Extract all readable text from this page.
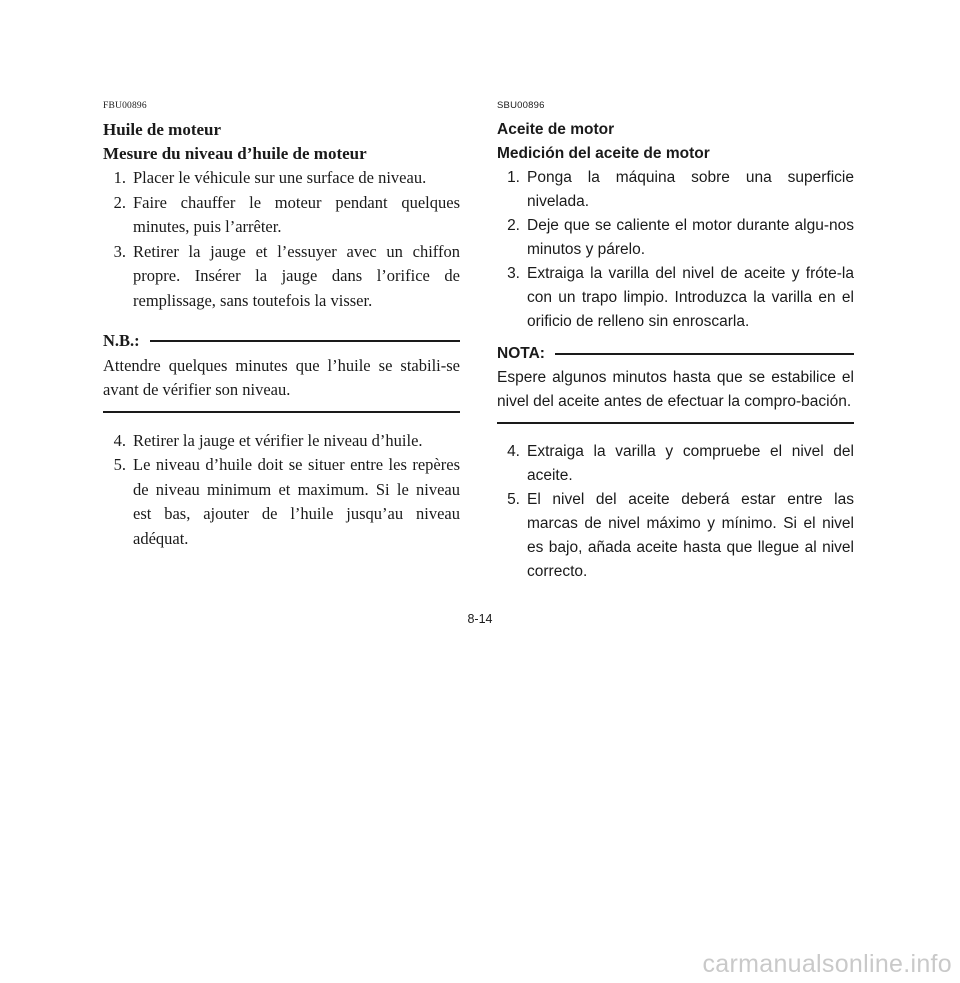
FBU00896
Huile de moteur
Mesure du niveau d’huile de moteur
1. Placer le véhicule sur une surface de niveau.
2. Faire chauffer le moteur pendant quelques minutes, puis l’arrêter.
3. Retirer la jauge et l’essuyer avec un chiffon propre. Insérer la jauge dans l’orifice de remplissage, sans toutefois la visser.
N.B.:
Attendre quelques minutes que l’huile se stabili-se avant de vérifier son niveau.
4. Retirer la jauge et vérifier le niveau d’huile.
5. Le niveau d’huile doit se situer entre les repères de niveau minimum et maximum. Si le niveau est bas, ajouter de l’huile jusqu’au niveau adéquat.
SBU00896
Aceite de motor
Medición del aceite de motor
1. Ponga la máquina sobre una superficie nivelada.
2. Deje que se caliente el motor durante algu-nos minutos y párelo.
3. Extraiga la varilla del nivel de aceite y fróte-la con un trapo limpio. Introduzca la varilla en el orificio de relleno sin enroscarla.
NOTA:
Espere algunos minutos hasta que se estabilice el nivel del aceite antes de efectuar la compro-bación.
4. Extraiga la varilla y compruebe el nivel del aceite.
5. El nivel del aceite deberá estar entre las marcas de nivel máximo y mínimo. Si el nivel es bajo, añada aceite hasta que llegue al nivel correcto.
8-14
carmanualsonline.info
